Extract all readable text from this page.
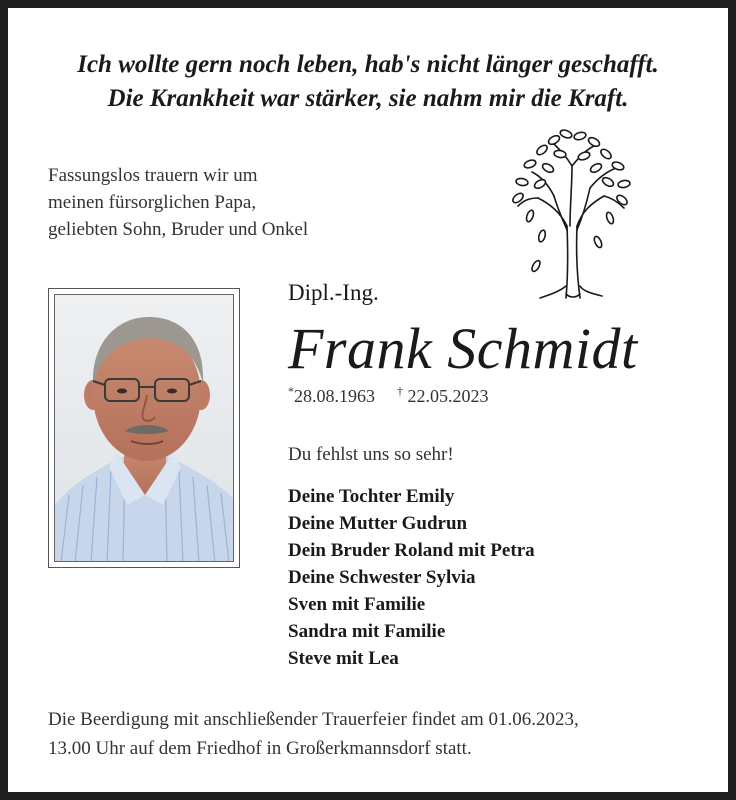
Ich wollte gern noch leben, hab's nicht länger geschafft.
Die Krankheit war stärker, sie nahm mir die Kraft.
Fassungslos trauern wir um
meinen fürsorglichen Papa,
geliebten Sohn, Bruder und Onkel
Dipl.-Ing.
Frank Schmidt
*28.08.1963 † 22.05.2023
Du fehlst uns so sehr!
Deine Tochter Emily
Deine Mutter Gudrun
Dein Bruder Roland mit Petra
Deine Schwester Sylvia
Sven mit Familie
Sandra mit Familie
Steve mit Lea
Die Beerdigung mit anschließender Trauerfeier findet am 01.06.2023,
13.00 Uhr auf dem Friedhof in Großerkmannsdorf statt.
